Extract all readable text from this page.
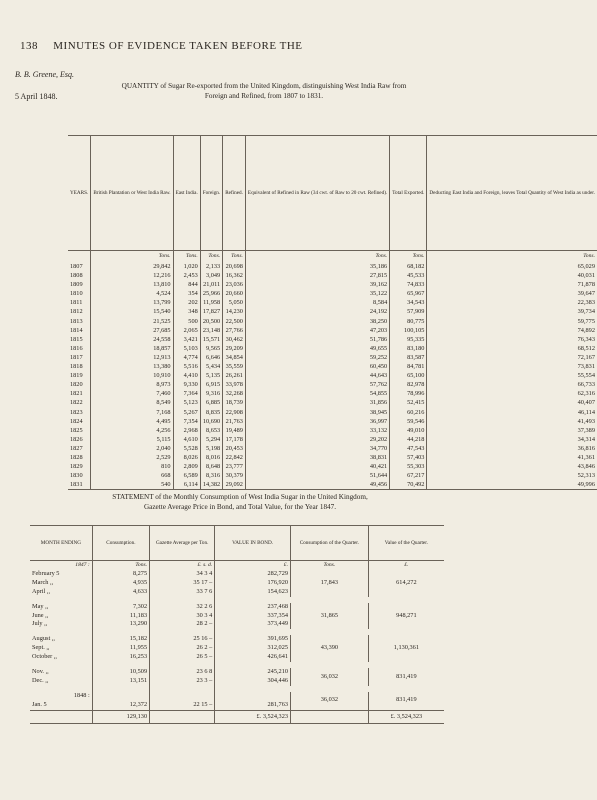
138 MINUTES OF EVIDENCE TAKEN BEFORE THE
B. B. Greene, Esq.
5 April 1848.
QUANTITY of Sugar Re-exported from the United Kingdom, distinguishing West India Raw from
Foreign and Refined, from 1807 to 1831.
YEARS.	British Plantation or West India Raw.	East India.	Foreign.	Refined.	Equivalent of Refined in Raw (34 cwt. of Raw to 20 cwt. Refined).	Total Exported.	Deducting East India and Foreign, leaves Total Quantity of West India as under.
	Tons.	Tons.	Tons.	Tons.	Tons.	Tons.	Tons.
1807	29,842	1,020	2,133	20,698	35,186	68,182	65,029
1808	12,216	2,453	3,049	16,362	27,815	45,533	40,031
1809	13,810	844	21,011	23,036	39,162	74,833	71,878
1810	4,524	354	25,966	20,660	35,122	65,967	39,647
1811	13,799	202	11,958	5,050	8,584	34,543	22,383
1812	15,540	348	17,827	14,230	24,192	57,909	39,734
1813	21,525	500	20,500	22,500	38,250	80,775	59,775
1814	27,685	2,065	23,148	27,766	47,203	100,105	74,892
1815	24,558	3,421	15,571	30,462	51,786	95,335	76,343
1816	18,857	5,103	9,565	29,209	49,655	83,180	68,512
1817	12,913	4,774	6,646	34,854	59,252	83,587	72,167
1818	13,380	5,516	5,434	35,559	60,450	84,781	73,831
1819	10,910	4,410	5,135	26,261	44,643	65,100	55,554
1820	8,973	9,330	6,915	33,978	57,762	82,978	66,733
1821	7,460	7,364	9,316	32,268	54,855	78,996	62,316
1822	8,549	5,123	6,885	18,739	31,856	52,415	40,407
1823	7,168	5,267	8,835	22,908	38,945	60,216	46,114
1824	4,495	7,354	10,690	21,763	36,997	59,546	41,493
1825	4,256	2,968	8,653	19,489	33,132	49,010	37,389
1826	5,115	4,610	5,294	17,178	29,202	44,218	34,314
1827	2,040	5,528	5,198	20,453	34,770	47,543	36,816
1828	2,529	8,026	8,016	22,842	38,831	57,403	41,361
1829	810	2,809	8,648	23,777	40,421	55,303	43,846
1830	668	6,589	8,316	30,379	51,644	67,217	52,313
1831	540	6,114	14,382	29,092	49,456	70,492	49,996
STATEMENT of the Monthly Consumption of West India Sugar in the United Kingdom,
Gazette Average Price in Bond, and Total Value, for the Year 1847.
MONTH ENDING	Consumption.	Gazette Average per Ton.	VALUE IN BOND.	Consumption of the Quarter.	Value of the Quarter.
1847 :	Tons.	£. s. d.	£.	Tons.	£.
February 5	8,275	34 3 4	282,729	17,843	614,272
March ,,	4,935	35 17 –	176,920		
April ,,	4,633	33 7 6	154,623		

May ,,	7,302	32 2 6	237,468	31,865	948,271
June ,,	11,183	30 3 4	337,354		
July ,,	13,290	28 2 –	373,449		

August ,,	15,182	25 16 –	391,695	43,390	1,130,361
Sept. ,,	11,955	26 2 –	312,025		
October ,,	16,253	26 5 –	426,641		

Nov. ,,	10,509	23 6 8	245,210	36,032	831,419
Dec. ,,	13,151	23 3 –	304,446		

1848 :				36,032	831,419
Jan. 5	12,372	22 15 –	281,763		
	129,130		£. 3,524,323		£. 3,524,323
